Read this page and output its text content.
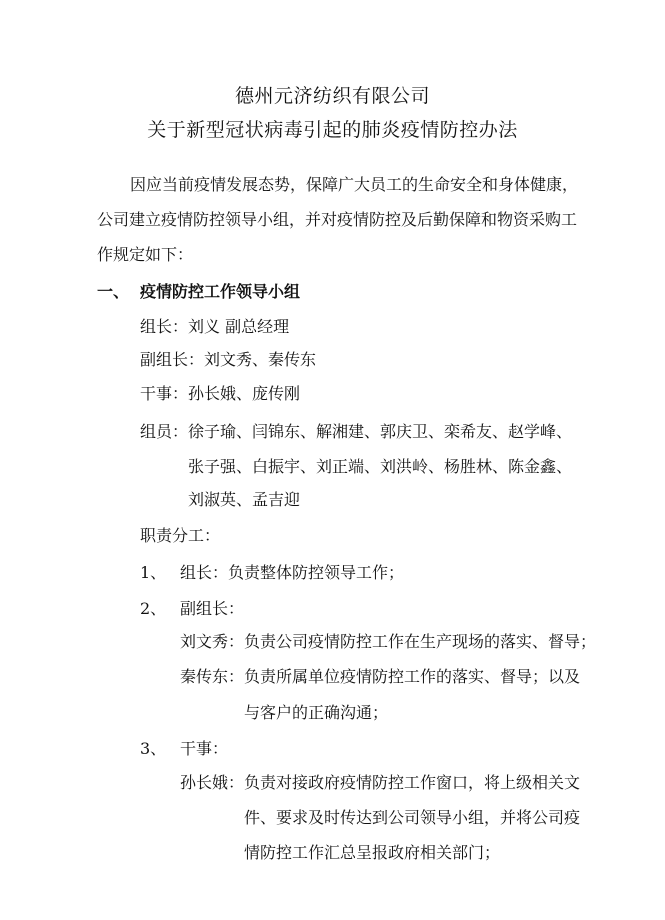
德州元济纺织有限公司
关于新型冠状病毒引起的肺炎疫情防控办法
因应当前疫情发展态势，保障广大员工的生命安全和身体健康，
公司建立疫情防控领导小组，并对疫情防控及后勤保障和物资采购工
作规定如下：
一、 疫情防控工作领导小组
组长：刘义 副总经理
副组长：刘文秀、秦传东
干事：孙长娥、庞传刚
组员： 徐子瑜、闫锦东、解湘建、郭庆卫、栾希友、赵学峰、
张子强、白振宇、刘正端、刘洪岭、杨胜林、陈金鑫、
刘淑英、孟吉迎
职责分工：
1、 组长：负责整体防控领导工作；
2、 副组长：
刘文秀： 负责公司疫情防控工作在生产现场的落实、督导；
秦传东： 负责所属单位疫情防控工作的落实、督导；以及
与客户的正确沟通；
3、 干事：
孙长娥： 负责对接政府疫情防控工作窗口，将上级相关文
件、要求及时传达到公司领导小组，并将公司疫
情防控工作汇总呈报政府相关部门；
